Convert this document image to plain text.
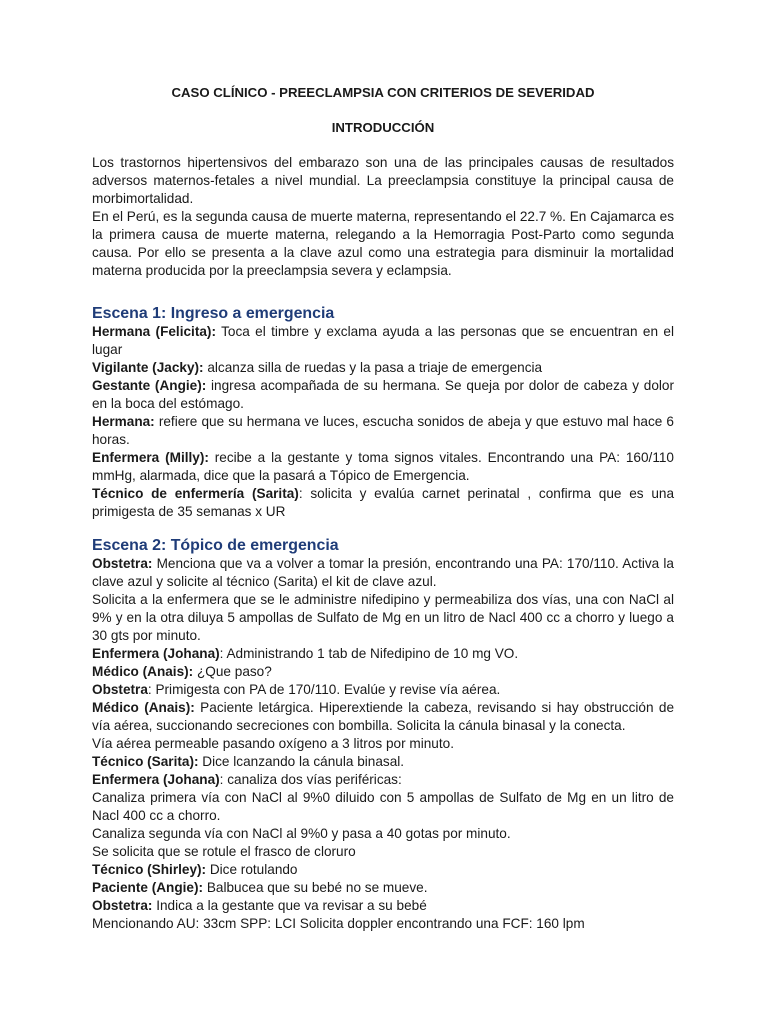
CASO CLÍNICO - PREECLAMPSIA CON CRITERIOS DE SEVERIDAD
INTRODUCCIÓN

Los trastornos hipertensivos del embarazo son una de las principales causas de resultados adversos maternos-fetales a nivel mundial. La preeclampsia constituye la principal causa de morbimortalidad.

En el Perú, es la segunda causa de muerte materna, representando el 22.7 %. En Cajamarca es la primera causa de muerte materna, relegando a la Hemorragia Post-Parto como segunda causa. Por ello se presenta a la clave azul como una estrategia para disminuir la mortalidad materna producida por la preeclampsia severa y eclampsia.

Escena 1: Ingreso a emergencia

Hermana (Felicita): Toca el timbre y exclama ayuda a las personas que se encuentran en el lugar

Vigilante (Jacky): alcanza silla de ruedas y la pasa a triaje de emergencia

Gestante (Angie): ingresa acompañada de su hermana. Se queja por dolor de cabeza y dolor en la boca del estómago.

Hermana: refiere que su hermana ve luces, escucha sonidos de abeja y que estuvo mal hace 6 horas.

Enfermera (Milly): recibe a la gestante y toma signos vitales. Encontrando una PA: 160/110 mmHg, alarmada, dice que la pasará a Tópico de Emergencia.

Técnico de enfermería (Sarita): solicita y evalúa carnet perinatal , confirma que es una primigesta de 35 semanas x UR

Escena 2: Tópico de emergencia

Obstetra: Menciona que va a volver a tomar la presión, encontrando una PA: 170/110. Activa la clave azul y solicite al técnico (Sarita) el kit de clave azul.

Solicita a la enfermera que se le administre nifedipino y permeabiliza dos vías, una con NaCl al 9% y en la otra diluya 5 ampollas de Sulfato de Mg en un litro de Nacl 400 cc a chorro y luego a 30 gts por minuto.

Enfermera (Johana): Administrando 1 tab de Nifedipino de 10 mg VO.

Médico (Anais): ¿Que paso?

Obstetra: Primigesta con PA de 170/110. Evalúe y revise vía aérea.

Médico (Anais): Paciente letárgica. Hiperextiende la cabeza, revisando si hay obstrucción de vía aérea, succionando secreciones con bombilla. Solicita la cánula binasal y la conecta.

Vía aérea permeable pasando oxígeno a 3 litros por minuto.

Técnico (Sarita): Dice lcanzando la cánula binasal.

Enfermera (Johana): canaliza dos vías periféricas:

Canaliza primera vía con NaCl al 9%0 diluido con 5 ampollas de Sulfato de Mg en un litro de Nacl 400 cc a chorro.

Canaliza segunda vía con NaCl al 9%0 y pasa a 40 gotas por minuto.

Se solicita que se rotule el frasco de cloruro

Técnico (Shirley): Dice rotulando

Paciente (Angie): Balbucea que su bebé no se mueve.

Obstetra: Indica a la gestante que va revisar a su bebé

Mencionando AU: 33cm SPP: LCI Solicita doppler encontrando una FCF: 160 lpm
